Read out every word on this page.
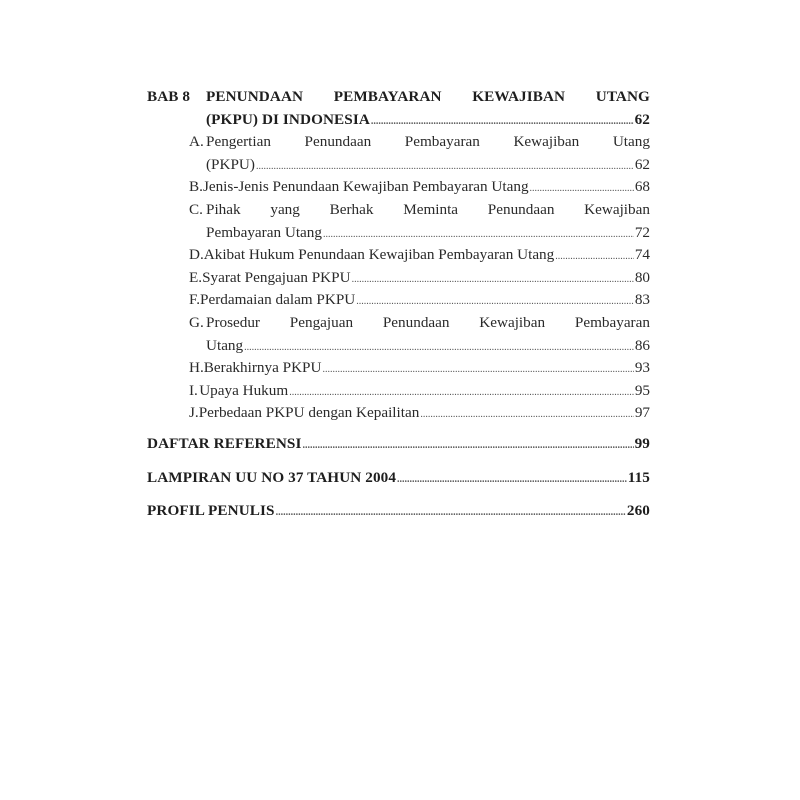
BAB 8 PENUNDAAN PEMBAYARAN KEWAJIBAN UTANG
(PKPU) DI INDONESIA .....	62
A. Pengertian Penundaan Pembayaran Kewajiban Utang
(PKPU) .....	62
B. Jenis-Jenis Penundaan Kewajiban Pembayaran Utang .....	68
C. Pihak yang Berhak Meminta Penundaan Kewajiban
Pembayaran Utang .....	72
D. Akibat Hukum Penundaan Kewajiban Pembayaran Utang .....	74
E. Syarat Pengajuan PKPU .....	80
F. Perdamaian dalam PKPU .....	83
G. Prosedur Pengajuan Penundaan Kewajiban Pembayaran
Utang .....	86
H. Berakhirnya PKPU .....	93
I. Upaya Hukum .....	95
J. Perbedaan PKPU dengan Kepailitan .....	97
DAFTAR REFERENSI .....	99
LAMPIRAN UU NO 37 TAHUN 2004 .....	115
PROFIL PENULIS .....	260
